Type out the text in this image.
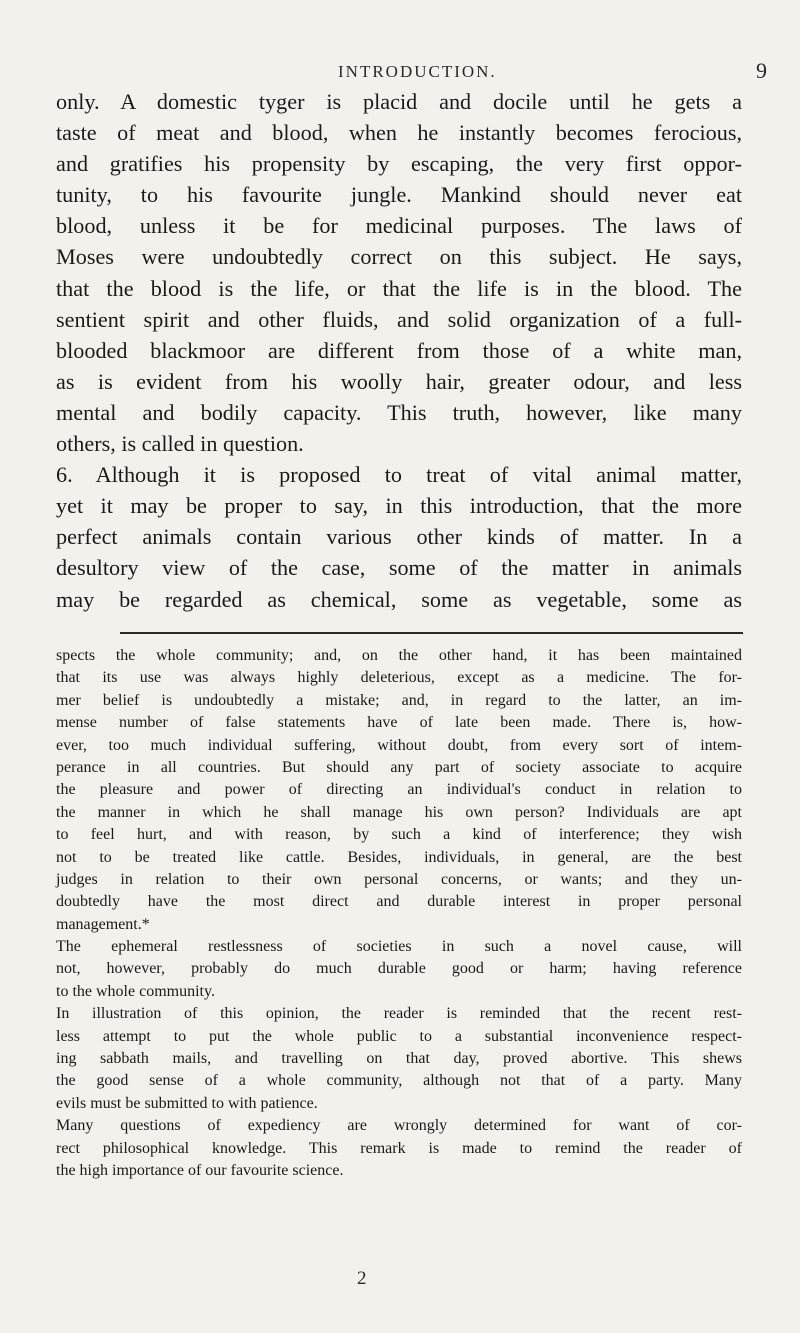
INTRODUCTION.	9
only. A domestic tyger is placid and docile until he gets a
taste of meat and blood, when he instantly becomes ferocious,
and gratifies his propensity by escaping, the very first oppor-
tunity, to his favourite jungle. Mankind should never eat
blood, unless it be for medicinal purposes. The laws of
Moses were undoubtedly correct on this subject. He says,
that the blood is the life, or that the life is in the blood. The
sentient spirit and other fluids, and solid organization of a full-
blooded blackmoor are different from those of a white man,
as is evident from his woolly hair, greater odour, and less
mental and bodily capacity. This truth, however, like many
others, is called in question.
6. Although it is proposed to treat of vital animal matter,
yet it may be proper to say, in this introduction, that the more
perfect animals contain various other kinds of matter. In a
desultory view of the case, some of the matter in animals
may be regarded as chemical, some as vegetable, some as
spects the whole community; and, on the other hand, it has been maintained
that its use was always highly deleterious, except as a medicine. The for-
mer belief is undoubtedly a mistake; and, in regard to the latter, an im-
mense number of false statements have of late been made. There is, how-
ever, too much individual suffering, without doubt, from every sort of intem-
perance in all countries. But should any part of society associate to acquire
the pleasure and power of directing an individual's conduct in relation to
the manner in which he shall manage his own person? Individuals are apt
to feel hurt, and with reason, by such a kind of interference; they wish
not to be treated like cattle. Besides, individuals, in general, are the best
judges in relation to their own personal concerns, or wants; and they un-
doubtedly have the most direct and durable interest in proper personal
management.*
The ephemeral restlessness of societies in such a novel cause, will
not, however, probably do much durable good or harm; having reference
to the whole community.
In illustration of this opinion, the reader is reminded that the recent rest-
less attempt to put the whole public to a substantial inconvenience respect-
ing sabbath mails, and travelling on that day, proved abortive. This shews
the good sense of a whole community, although not that of a party. Many
evils must be submitted to with patience.
Many questions of expediency are wrongly determined for want of cor-
rect philosophical knowledge. This remark is made to remind the reader of
the high importance of our favourite science.
2
